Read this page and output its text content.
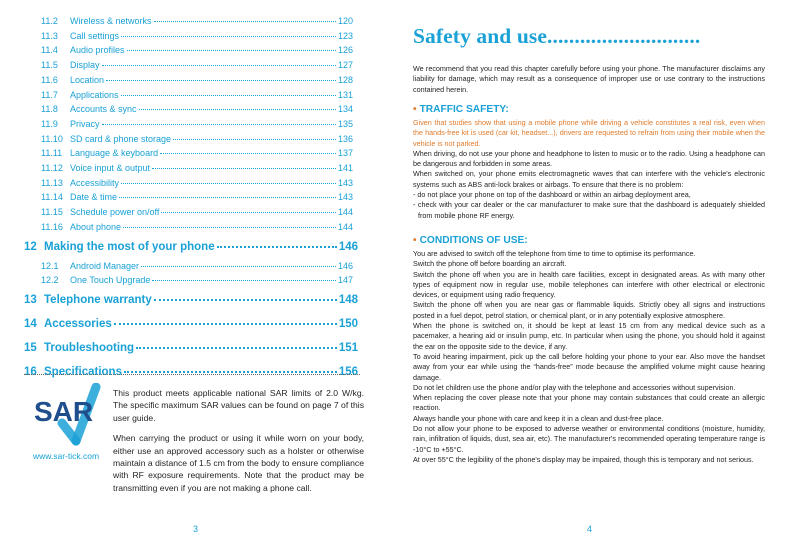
11.2	Wireless & networks	120
11.3	Call settings	123
11.4	Audio profiles	126
11.5	Display	127
11.6	Location	128
11.7	Applications	131
11.8	Accounts & sync	134
11.9	Privacy	135
11.10 SD card & phone storage	136
11.11 Language & keyboard	137
11.12 Voice input & output	141
11.13 Accessibility	143
11.14 Date & time	143
11.15 Schedule power on/off	144
11.16 About phone	144
12 Making the most of your phone	146
12.1	Android Manager	146
12.2	One Touch Upgrade	147
13 Telephone warranty	148
14 Accessories	150
15 Troubleshooting	151
16 Specifications	156
SAR
www.sar-tick.com

This product meets applicable national SAR limits of 2.0 W/kg. The specific maximum SAR values can be found on page 7 of this user guide.

When carrying the product or using it while worn on your body, either use an approved accessory such as a holster or otherwise maintain a distance of 1.5 cm from the body to ensure compliance with RF exposure requirements. Note that the product may be transmitting even if you are not making a phone call.

3
Safety and use............................

We recommend that you read this chapter carefully before using your phone. The manufacturer disclaims any liability for damage, which may result as a consequence of improper use or use contrary to the instructions contained herein.

• TRAFFIC SAFETY:

Given that studies show that using a mobile phone while driving a vehicle constitutes a real risk, even when the hands-free kit is used (car kit, headset...), drivers are requested to refrain from using their mobile when the vehicle is not parked.

When driving, do not use your phone and headphone to listen to music or to the radio. Using a headphone can be dangerous and forbidden in some areas.

When switched on, your phone emits electromagnetic waves that can interfere with the vehicle's electronic systems such as ABS anti-lock brakes or airbags. To ensure that there is no problem:

- do not place your phone on top of the dashboard or within an airbag deployment area,

- check with your car dealer or the car manufacturer to make sure that the dashboard is adequately shielded from mobile phone RF energy.

• CONDITIONS OF USE:

You are advised to switch off the telephone from time to time to optimise its performance.

Switch the phone off before boarding an aircraft.

Switch the phone off when you are in health care facilities, except in designated areas. As with many other types of equipment now in regular use, mobile telephones can interfere with other electrical or electronic devices, or equipment using radio frequency.

Switch the phone off when you are near gas or flammable liquids. Strictly obey all signs and instructions posted in a fuel depot, petrol station, or chemical plant, or in any potentially explosive atmosphere.

When the phone is switched on, it should be kept at least 15 cm from any medical device such as a pacemaker, a hearing aid or insulin pump, etc. In particular when using the phone, you should hold it against the ear on the opposite side to the device, if any.

To avoid hearing impairment, pick up the call before holding your phone to your ear. Also move the handset away from your ear while using the “hands-free” mode because the amplified volume might cause hearing damage.

Do not let children use the phone and/or play with the telephone and accessories without supervision.

When replacing the cover please note that your phone may contain substances that could create an allergic reaction.

Always handle your phone with care and keep it in a clean and dust-free place.

Do not allow your phone to be exposed to adverse weather or environmental conditions (moisture, humidity, rain, infiltration of liquids, dust, sea air, etc). The manufacturer's recommended operating temperature range is -10°C to +55°C.

At over 55°C the legibility of the phone's display may be impaired, though this is temporary and not serious.

4
